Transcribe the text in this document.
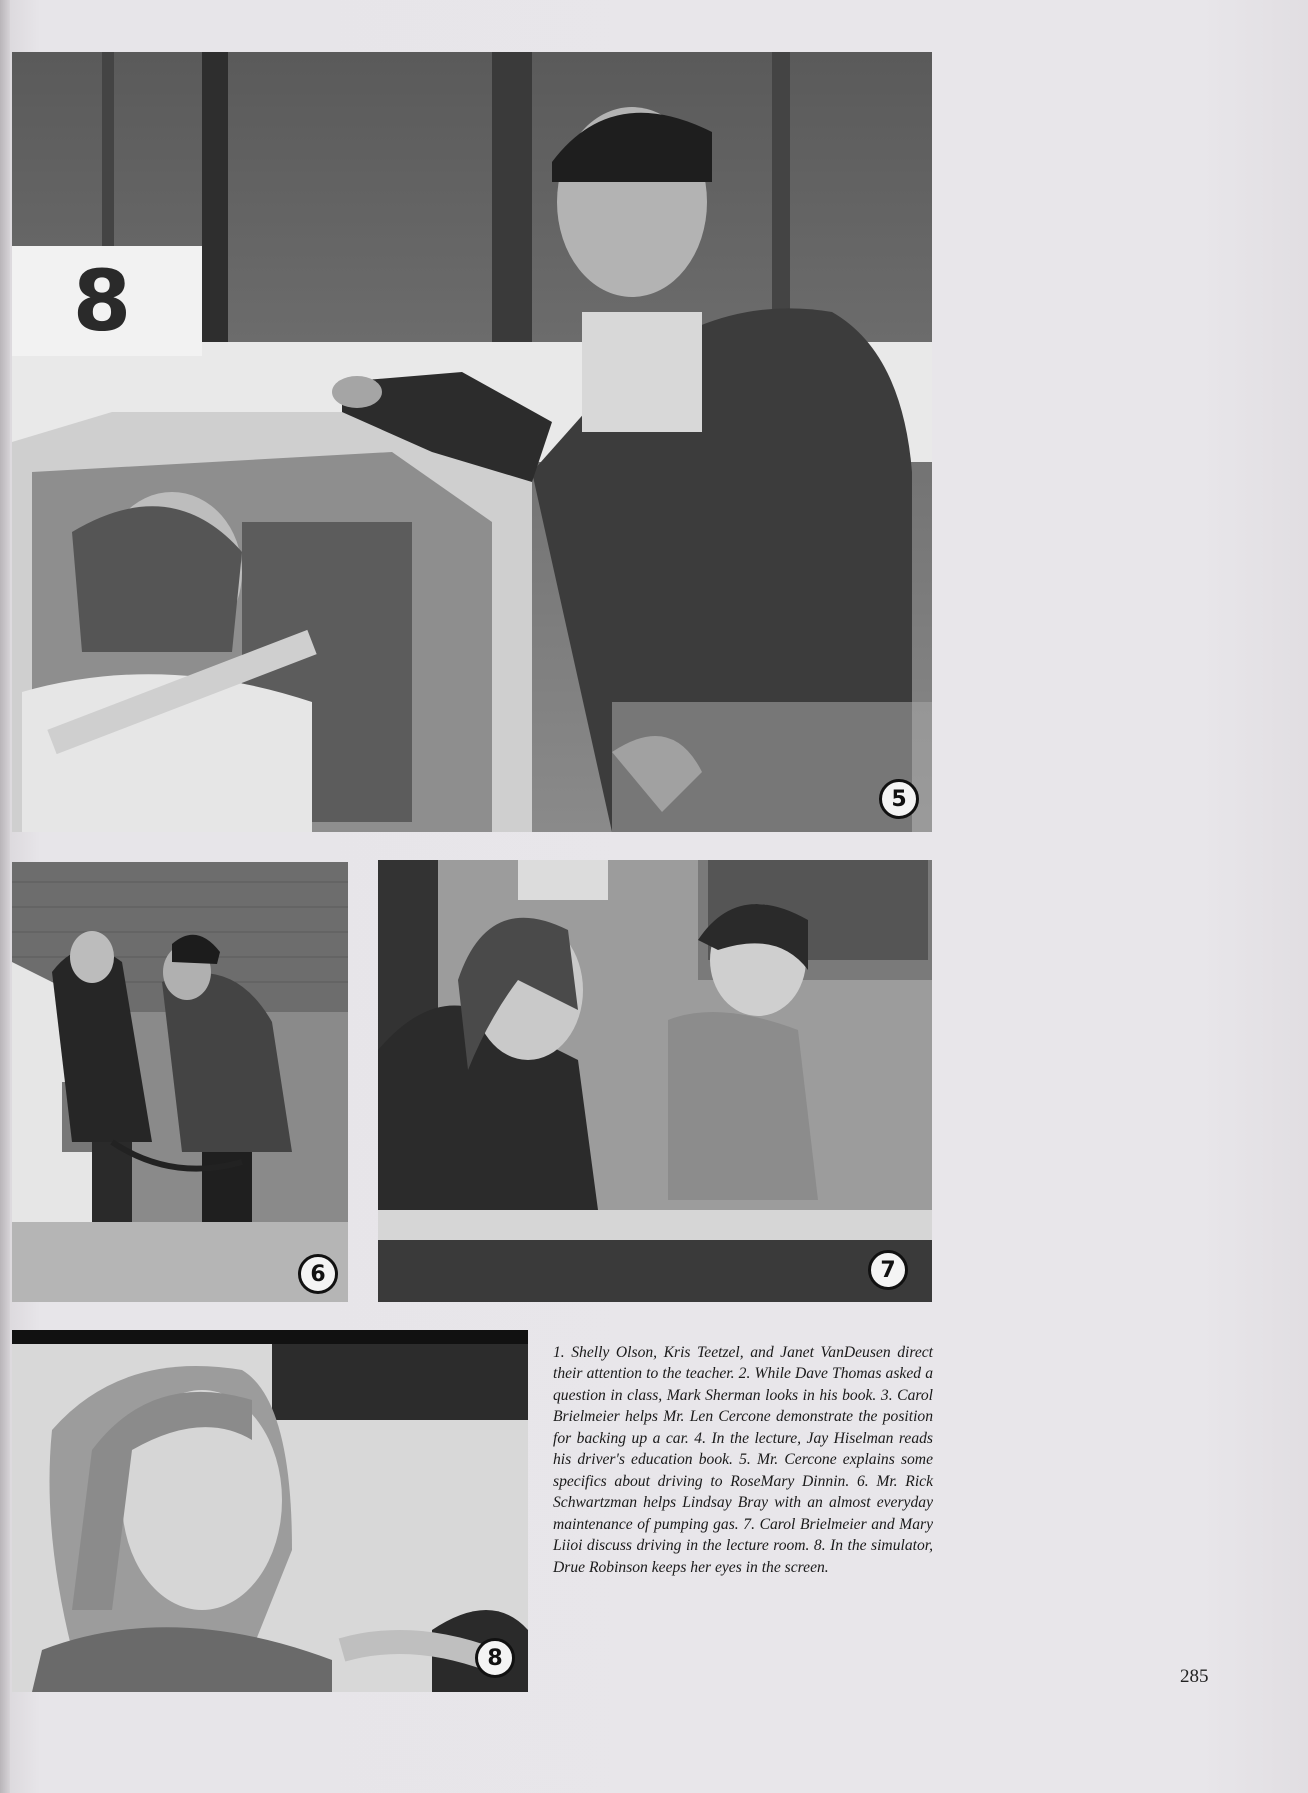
8
5
6	7
8

1. Shelly Olson, Kris Teetzel, and Janet VanDeusen direct their attention to the teacher. 2. While Dave Thomas asked a question in class, Mark Sherman looks in his book. 3. Carol Brielmeier helps Mr. Len Cercone demonstrate the position for backing up a car. 4. In the lecture, Jay Hiselman reads his driver's education book. 5. Mr. Cercone explains some specifics about driving to RoseMary Dinnin. 6. Mr. Rick Schwartzman helps Lindsay Bray with an almost everyday maintenance of pumping gas. 7. Carol Brielmeier and Mary Liioi discuss driving in the lecture room. 8. In the simulator, Drue Robinson keeps her eyes in the screen.

285
